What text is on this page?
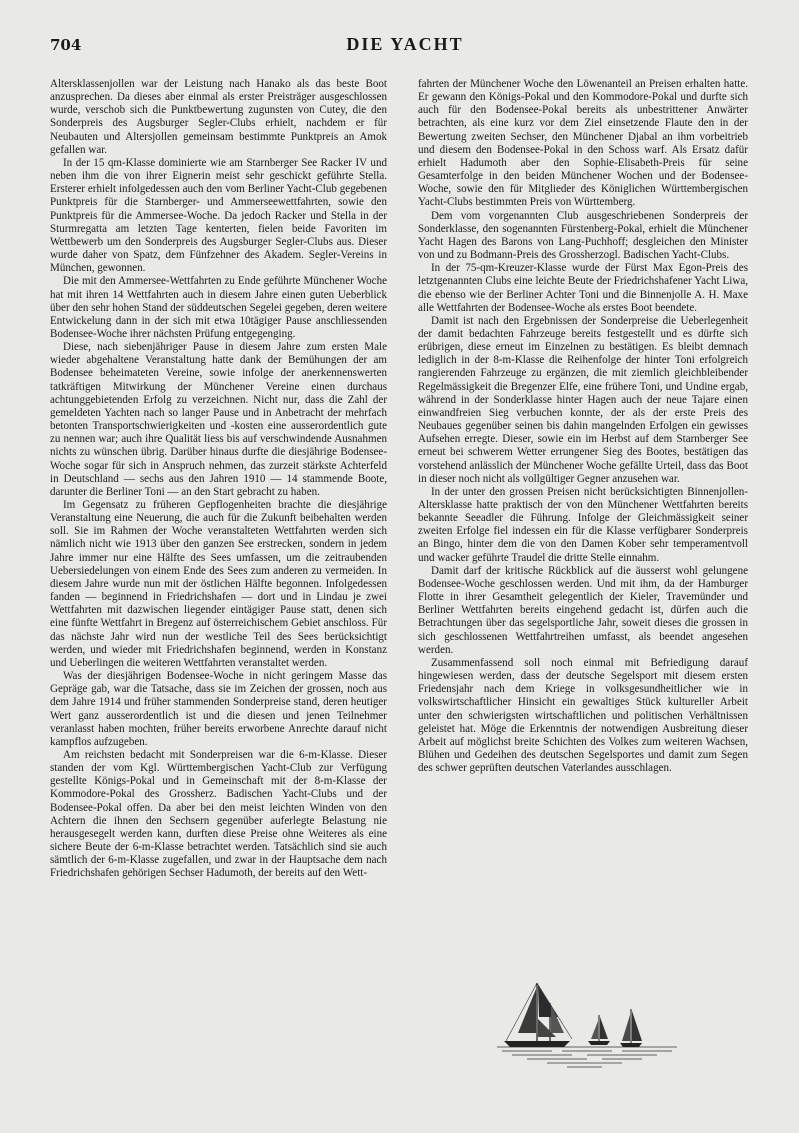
704	DIE YACHT

Altersklassenjollen war der Leistung nach Hanako als das beste Boot anzusprechen. Da dieses aber einmal als erster Preisträger ausgeschlossen wurde, verschob sich die Punktbewertung zugunsten von Cutey, die den Sonderpreis des Augsburger Segler-Clubs erhielt, nachdem er für Neubauten und Altersjollen gemeinsam bestimmte Punktpreis an Amok gefallen war.

In der 15 qm-Klasse dominierte wie am Starnberger See Racker IV und neben ihm die von ihrer Eignerin meist sehr geschickt geführte Stella. Ersterer erhielt infolgedessen auch den vom Berliner Yacht-Club gegebenen Punktpreis für die Starnberger- und Ammerseewettfahrten, sowie den Punktpreis für die Ammersee-Woche. Da jedoch Racker und Stella in der Sturmregatta am letzten Tage kenterten, fielen beide Favoriten im Wettbewerb um den Sonderpreis des Augsburger Segler-Clubs aus. Dieser wurde daher von Spatz, dem Fünfzehner des Akadem. Segler-Vereins in München, gewonnen.

Die mit den Ammersee-Wettfahrten zu Ende geführte Münchener Woche hat mit ihren 14 Wettfahrten auch in diesem Jahre einen guten Ueberblick über den sehr hohen Stand der süddeutschen Segelei gegeben, deren weitere Entwickelung dann in der sich mit etwa 10tägiger Pause anschliessenden Bodensee-Woche ihrer nächsten Prüfung entgegenging.

Diese, nach siebenjähriger Pause in diesem Jahre zum ersten Male wieder abgehaltene Veranstaltung hatte dank der Bemühungen der am Bodensee beheimateten Vereine, sowie infolge der anerkennenswerten tatkräftigen Mitwirkung der Münchener Vereine einen durchaus achtunggebietenden Erfolg zu verzeichnen. Nicht nur, dass die Zahl der gemeldeten Yachten nach so langer Pause und in Anbetracht der mehrfach betonten Transportschwierigkeiten und -kosten eine ausserordentlich gute zu nennen war; auch ihre Qualität liess bis auf verschwindende Ausnahmen nichts zu wünschen übrig. Darüber hinaus durfte die diesjährige Bodensee-Woche sogar für sich in Anspruch nehmen, das zurzeit stärkste Achterfeld in Deutschland — sechs aus den Jahren 1910 — 14 stammende Boote, darunter die Berliner Toni — an den Start gebracht zu haben.

Im Gegensatz zu früheren Gepflogenheiten brachte die diesjährige Veranstaltung eine Neuerung, die auch für die Zukunft beibehalten werden soll. Sie im Rahmen der Woche veranstalteten Wettfahrten werden sich nämlich nicht wie 1913 über den ganzen See erstrecken, sondern in jedem Jahre immer nur eine Hälfte des Sees umfassen, um die zeitraubenden Uebersiedelungen von einem Ende des Sees zum anderen zu vermeiden. In diesem Jahre wurde nun mit der östlichen Hälfte begonnen. Infolgedessen fanden — beginnend in Friedrichshafen — dort und in Lindau je zwei Wettfahrten mit dazwischen liegender eintägiger Pause statt, denen sich eine fünfte Wettfahrt in Bregenz auf österreichischem Gebiet anschloss. Für das nächste Jahr wird nun der westliche Teil des Sees berücksichtigt werden, und wieder mit Friedrichshafen beginnend, werden in Konstanz und Ueberlingen die weiteren Wettfahrten veranstaltet werden.

Was der diesjährigen Bodensee-Woche in nicht geringem Masse das Gepräge gab, war die Tatsache, dass sie im Zeichen der grossen, noch aus dem Jahre 1914 und früher stammenden Sonderpreise stand, deren heutiger Wert ganz ausserordentlich ist und die diesen und jenen Teilnehmer veranlasst haben mochten, früher bereits erworbene Anrechte darauf nicht kampflos aufzugeben.

Am reichsten bedacht mit Sonderpreisen war die 6-m-Klasse. Dieser standen der vom Kgl. Württembergischen Yacht-Club zur Verfügung gestellte Königs-Pokal und in Gemeinschaft mit der 8-m-Klasse der Kommodore-Pokal des Grossherz. Badischen Yacht-Clubs und der Bodensee-Pokal offen. Da aber bei den meist leichten Winden von den Achtern die ihnen den Sechsern gegenüber auferlegte Belastung nie herausgesegelt werden kann, durften diese Preise ohne Weiteres als eine sichere Beute der 6-m-Klasse betrachtet werden. Tatsächlich sind sie auch sämtlich der 6-m-Klasse zugefallen, und zwar in der Hauptsache dem nach Friedrichshafen gehörigen Sechser Hadumoth, der bereits auf den Wett-

fahrten der Münchener Woche den Löwenanteil an Preisen erhalten hatte. Er gewann den Königs-Pokal und den Kommodore-Pokal und durfte sich auch für den Bodensee-Pokal bereits als unbestrittener Anwärter betrachten, als eine kurz vor dem Ziel einsetzende Flaute den in der Bewertung zweiten Sechser, den Münchener Djabal an ihm vorbeitrieb und diesem den Bodensee-Pokal in den Schoss warf. Als Ersatz dafür erhielt Hadumoth aber den Sophie-Elisabeth-Preis für seine Gesamterfolge in den beiden Münchener Wochen und der Bodensee-Woche, sowie den für Mitglieder des Königlichen Württembergischen Yacht-Clubs bestimmten Preis von Württemberg.

Dem vom vorgenannten Club ausgeschriebenen Sonderpreis der Sonderklasse, den sogenannten Fürstenberg-Pokal, erhielt die Münchener Yacht Hagen des Barons von Lang-Puchhoff; desgleichen den Minister von und zu Bodmann-Preis des Grossherzogl. Badischen Yacht-Clubs.

In der 75-qm-Kreuzer-Klasse wurde der Fürst Max Egon-Preis des letztgenannten Clubs eine leichte Beute der Friedrichshafener Yacht Liwa, die ebenso wie der Berliner Achter Toni und die Binnenjolle A. H. Maxe alle Wettfahrten der Bodensee-Woche als erstes Boot beendete.

Damit ist nach den Ergebnissen der Sonderpreise die Ueberlegenheit der damit bedachten Fahrzeuge bereits festgestellt und es dürfte sich erübrigen, diese erneut im Einzelnen zu bestätigen. Es bleibt demnach lediglich in der 8-m-Klasse die Reihenfolge der hinter Toni erfolgreich rangierenden Fahrzeuge zu ergänzen, die mit ziemlich gleichbleibender Regelmässigkeit die Bregenzer Elfe, eine frühere Toni, und Undine ergab, während in der Sonderklasse hinter Hagen auch der neue Tajare einen einwandfreien Sieg verbuchen konnte, der als der erste Preis des Neubaues gegenüber seinen bis dahin mangelnden Erfolgen ein gewisses Aufsehen erregte. Dieser, sowie ein im Herbst auf dem Starnberger See erneut bei schwerem Wetter errungener Sieg des Bootes, bestätigen das vorstehend anlässlich der Münchener Woche gefällte Urteil, dass das Boot in dieser noch nicht als vollgültiger Gegner anzusehen war.

In der unter den grossen Preisen nicht berücksichtigten Binnenjollen-Altersklasse hatte praktisch der von den Münchener Wettfahrten bereits bekannte Seeadler die Führung. Infolge der Gleichmässigkeit seiner zweiten Erfolge fiel indessen ein für die Klasse verfügbarer Sonderpreis an Bingo, hinter dem die von den Damen Kober sehr temperamentvoll und wacker geführte Traudel die dritte Stelle einnahm.

Damit darf der kritische Rückblick auf die äusserst wohl gelungene Bodensee-Woche geschlossen werden. Und mit ihm, da der Hamburger Flotte in ihrer Gesamtheit gelegentlich der Kieler, Travemünder und Berliner Wettfahrten bereits eingehend gedacht ist, dürfen auch die Betrachtungen über das segelsportliche Jahr, soweit dieses die grossen in sich geschlossenen Wettfahrtreihen umfasst, als beendet angesehen werden.

Zusammenfassend soll noch einmal mit Befriedigung darauf hingewiesen werden, dass der deutsche Segelsport mit diesem ersten Friedensjahr nach dem Kriege in volksgesundheitlicher wie in volkswirtschaftlicher Hinsicht ein gewaltiges Stück kultureller Arbeit unter den schwierigsten wirtschaftlichen und politischen Verhältnissen geleistet hat. Möge die Erkenntnis der notwendigen Ausbreitung dieser Arbeit auf möglichst breite Schichten des Volkes zum weiteren Wachsen, Blühen und Gedeihen des deutschen Segelsportes und damit zum Segen des schwer geprüften deutschen Vaterlandes ausschlagen.
